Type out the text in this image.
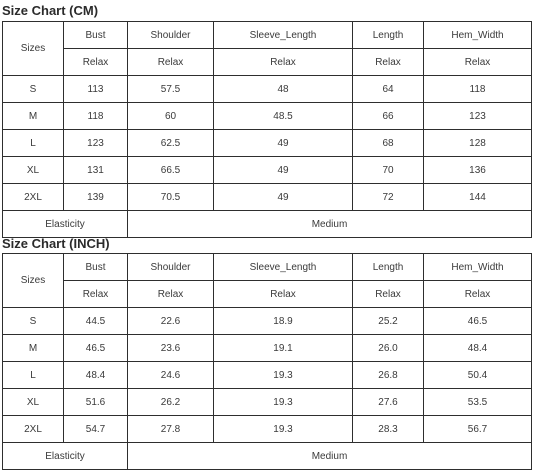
Size Chart (CM)
Sizes	Bust	Shoulder	Sleeve_Length	Length	Hem_Width
	Relax	Relax	Relax	Relax	Relax
S	113	57.5	48	64	118
M	118	60	48.5	66	123
L	123	62.5	49	68	128
XL	131	66.5	49	70	136
2XL	139	70.5	49	72	144
Elasticity		Medium			
Size Chart (INCH)
Sizes	Bust	Shoulder	Sleeve_Length	Length	Hem_Width
	Relax	Relax	Relax	Relax	Relax
S	44.5	22.6	18.9	25.2	46.5
M	46.5	23.6	19.1	26.0	48.4
L	48.4	24.6	19.3	26.8	50.4
XL	51.6	26.2	19.3	27.6	53.5
2XL	54.7	27.8	19.3	28.3	56.7
Elasticity		Medium			
